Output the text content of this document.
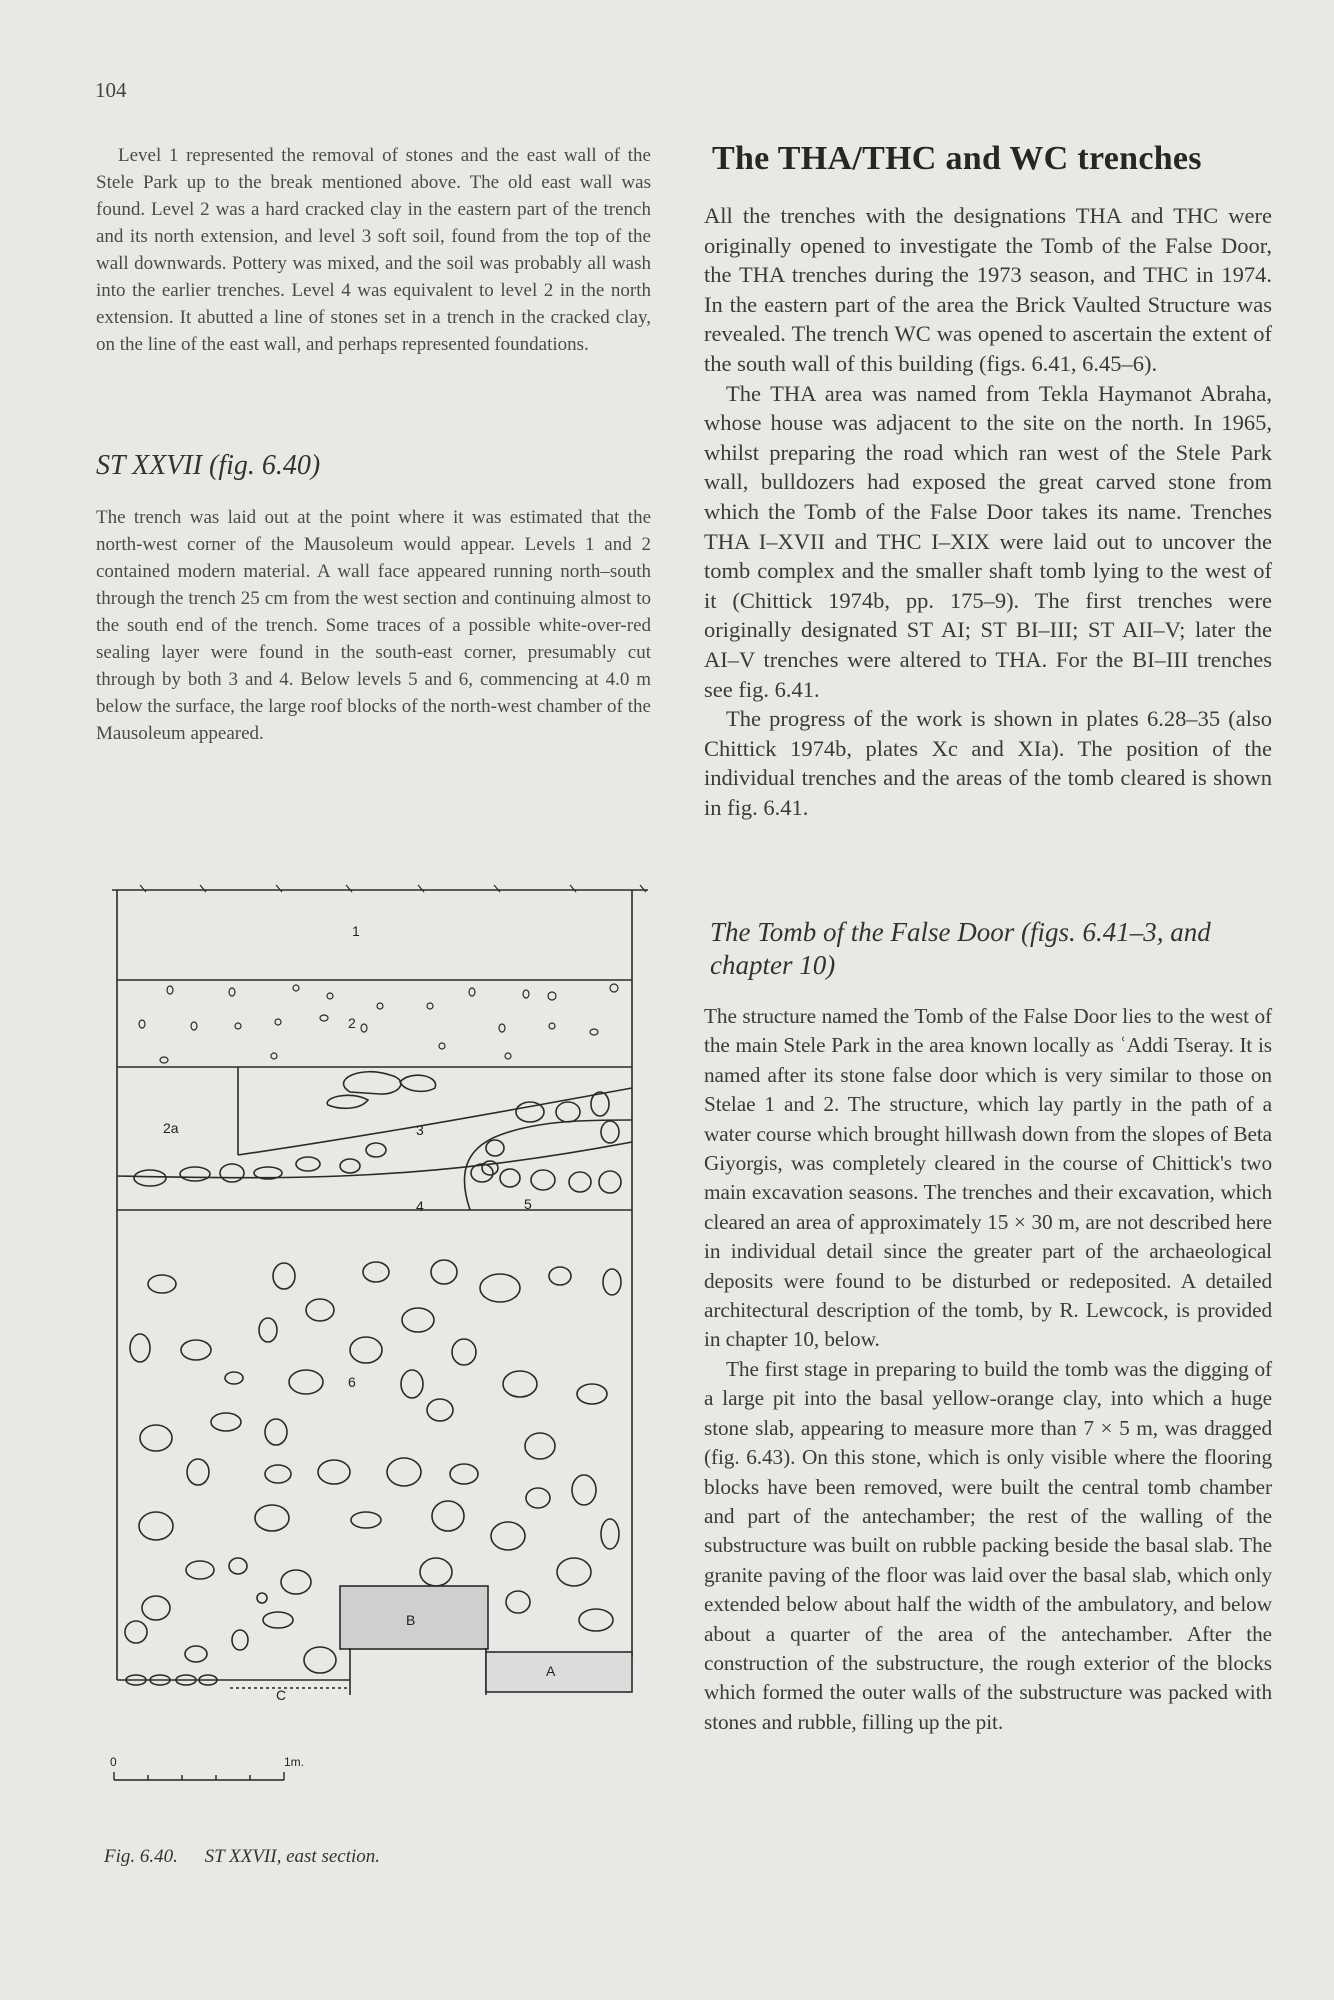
104

Level 1 represented the removal of stones and the east wall of the Stele Park up to the break mentioned above. The old east wall was found. Level 2 was a hard cracked clay in the eastern part of the trench and its north extension, and level 3 soft soil, found from the top of the wall downwards. Pottery was mixed, and the soil was probably all wash into the earlier trenches. Level 4 was equivalent to level 2 in the north extension. It abutted a line of stones set in a trench in the cracked clay, on the line of the east wall, and perhaps represented foundations.

ST XXVII (fig. 6.40)

The trench was laid out at the point where it was estimated that the north-west corner of the Mausoleum would appear. Levels 1 and 2 contained modern material. A wall face appeared running north–south through the trench 25 cm from the west section and continuing almost to the south end of the trench. Some traces of a possible white-over-red sealing layer were found in the south-east corner, presumably cut through by both 3 and 4. Below levels 5 and 6, commencing at 4.0 m below the surface, the large roof blocks of the north-west chamber of the Mausoleum appeared.

1
2
2a	3
4	5
6
B
A
C
0	1m.
Fig. 6.40. ST XXVII, east section.
The THA/THC and WC trenches

All the trenches with the designations THA and THC were originally opened to investigate the Tomb of the False Door, the THA trenches during the 1973 season, and THC in 1974. In the eastern part of the area the Brick Vaulted Structure was revealed. The trench WC was opened to ascertain the extent of the south wall of this building (figs. 6.41, 6.45–6).

The THA area was named from Tekla Haymanot Abraha, whose house was adjacent to the site on the north. In 1965, whilst preparing the road which ran west of the Stele Park wall, bulldozers had exposed the great carved stone from which the Tomb of the False Door takes its name. Trenches THA I–XVII and THC I–XIX were laid out to uncover the tomb complex and the smaller shaft tomb lying to the west of it (Chittick 1974b, pp. 175–9). The first trenches were originally designated ST AI; ST BI–III; ST AII–V; later the AI–V trenches were altered to THA. For the BI–III trenches see fig. 6.41.

The progress of the work is shown in plates 6.28–35 (also Chittick 1974b, plates Xc and XIa). The position of the individual trenches and the areas of the tomb cleared is shown in fig. 6.41.

The Tomb of the False Door (figs. 6.41–3, and chapter 10)

The structure named the Tomb of the False Door lies to the west of the main Stele Park in the area known locally as ʿAddi Tseray. It is named after its stone false door which is very similar to those on Stelae 1 and 2. The structure, which lay partly in the path of a water course which brought hillwash down from the slopes of Beta Giyorgis, was completely cleared in the course of Chittick's two main excavation seasons. The trenches and their excavation, which cleared an area of approximately 15 × 30 m, are not described here in individual detail since the greater part of the archaeological deposits were found to be disturbed or redeposited. A detailed architectural description of the tomb, by R. Lewcock, is provided in chapter 10, below.

The first stage in preparing to build the tomb was the digging of a large pit into the basal yellow-orange clay, into which a huge stone slab, appearing to measure more than 7 × 5 m, was dragged (fig. 6.43). On this stone, which is only visible where the flooring blocks have been removed, were built the central tomb chamber and part of the antechamber; the rest of the walling of the substructure was built on rubble packing beside the basal slab. The granite paving of the floor was laid over the basal slab, which only extended below about half the width of the ambulatory, and below about a quarter of the area of the antechamber. After the construction of the substructure, the rough exterior of the blocks which formed the outer walls of the substructure was packed with stones and rubble, filling up the pit.
